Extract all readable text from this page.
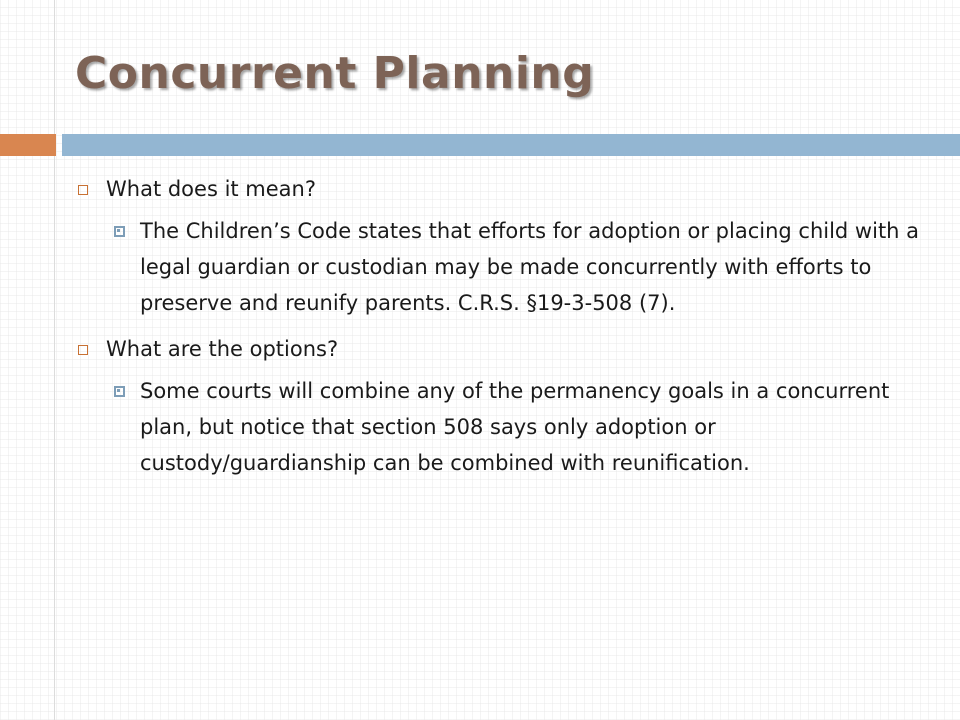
Concurrent Planning
What does it mean?
The Children’s Code states that efforts for adoption or placing child with a legal guardian or custodian may be made concurrently with efforts to preserve and reunify parents. C.R.S. §19-3-508 (7).
What are the options?
Some courts will combine any of the permanency goals in a concurrent plan, but notice that section 508 says only adoption or custody/guardianship can be combined with reunification.
